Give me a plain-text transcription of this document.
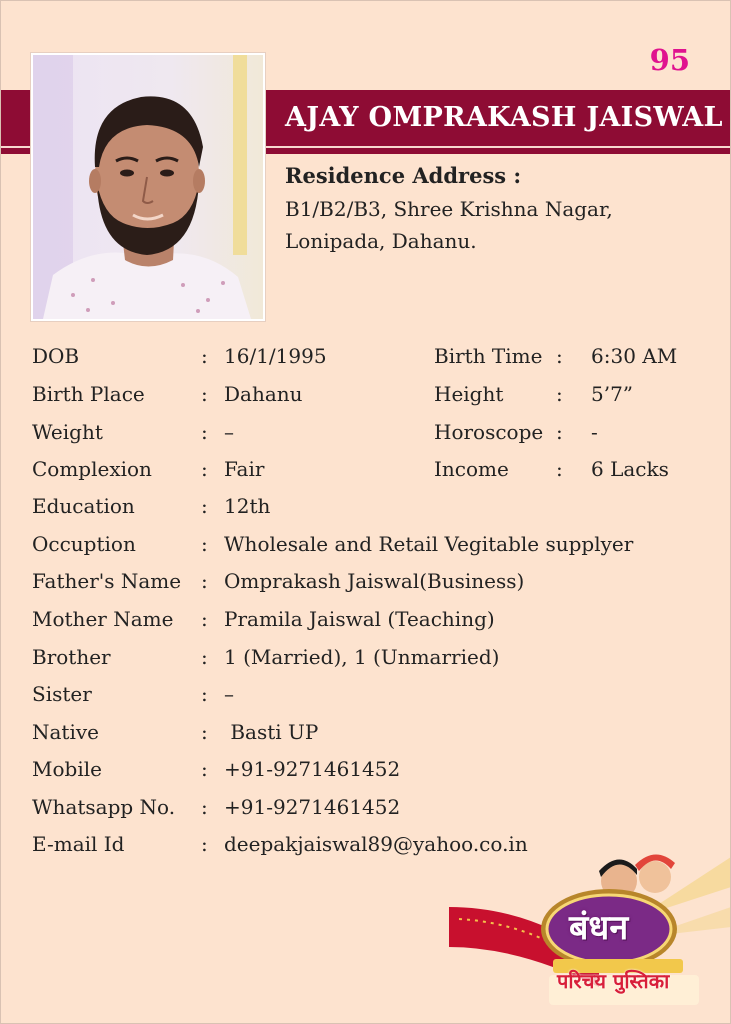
95
AJAY OMPRAKASH JAISWAL
Residence Address :
B1/B2/B3, Shree Krishna Nagar,
Lonipada, Dahanu.
DOB	: 16/1/1995	Birth Time : 6:30 AM
Birth Place	: Dahanu	Height	: 5’7”
Weight	: –	Horoscope : -
Complexion : Fair	Income : 6 Lacks
Education	: 12th
Occuption	: Wholesale and Retail Vegitable supplyer
Father's Name : Omprakash Jaiswal(Business)
Mother Name : Pramila Jaiswal (Teaching)
Brother	: 1 (Married), 1 (Unmarried)
Sister	: –
Native	: Basti UP
Mobile	: +91-9271461452
Whatsapp No. : +91-9271461452
E-mail Id	: deepakjaiswal89@yahoo.co.in
बंधन
परिचय पुस्तिका
